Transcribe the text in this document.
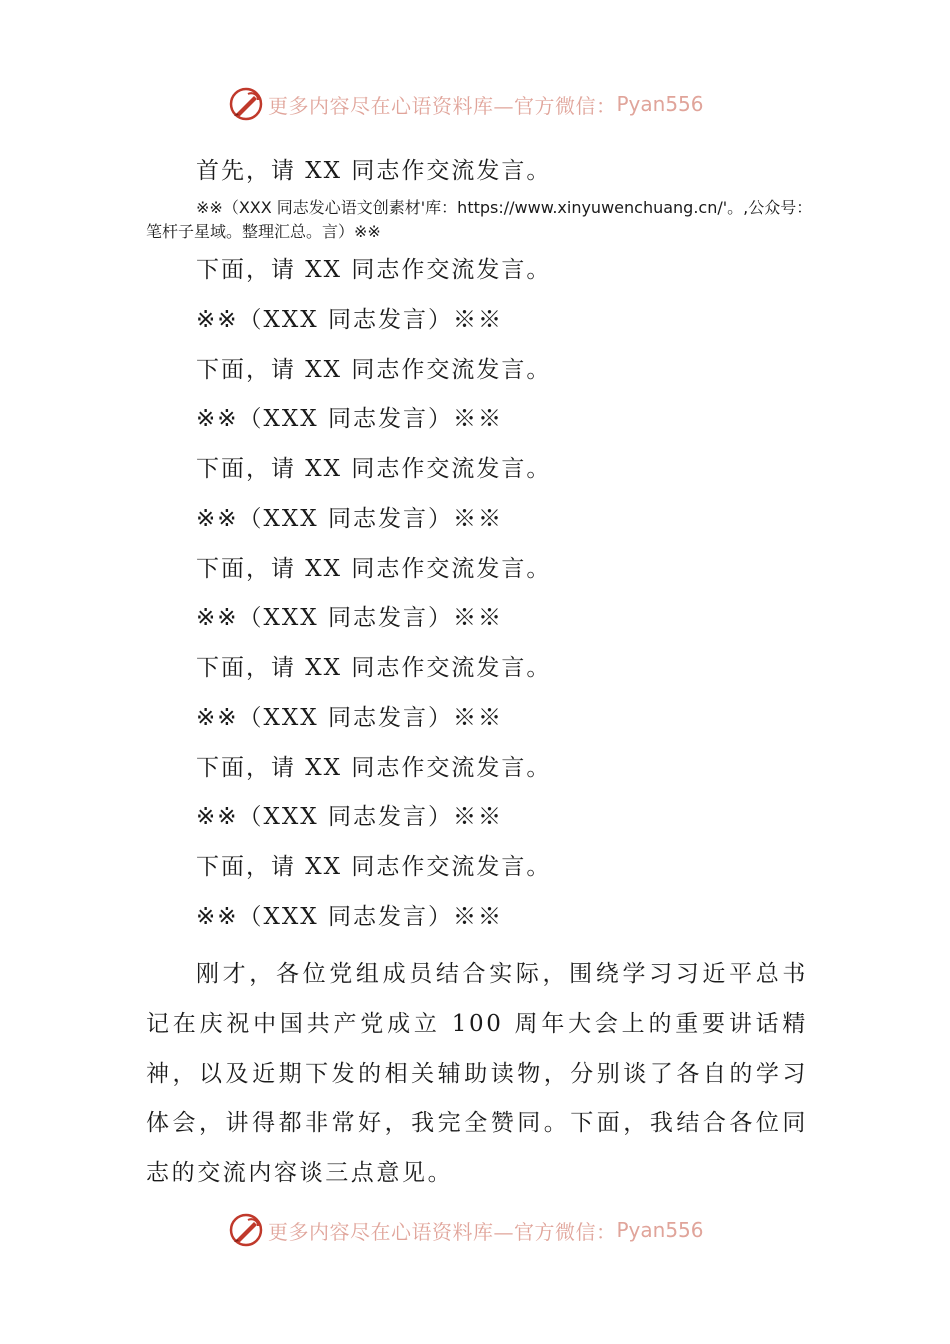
更多内容尽在心语资料库—官方微信： Pyan556
首先，请 XX 同志作交流发言。
※※（XXX 同志发心语文创素材'库：https://www.xinyuwenchuang.cn/'。,公众号：笔杆子星域。整理汇总。言）※※
下面，请 XX 同志作交流发言。
※※（XXX 同志发言）※※
下面，请 XX 同志作交流发言。
※※（XXX 同志发言）※※
下面，请 XX 同志作交流发言。
※※（XXX 同志发言）※※
下面，请 XX 同志作交流发言。
※※（XXX 同志发言）※※
下面，请 XX 同志作交流发言。
※※（XXX 同志发言）※※
下面，请 XX 同志作交流发言。
※※（XXX 同志发言）※※
下面，请 XX 同志作交流发言。
※※（XXX 同志发言）※※
刚才，各位党组成员结合实际，围绕学习习近平总书记在庆祝中国共产党成立 100 周年大会上的重要讲话精神，以及近期下发的相关辅助读物，分别谈了各自的学习体会，讲得都非常好，我完全赞同。下面，我结合各位同志的交流内容谈三点意见。
更多内容尽在心语资料库—官方微信： Pyan556
